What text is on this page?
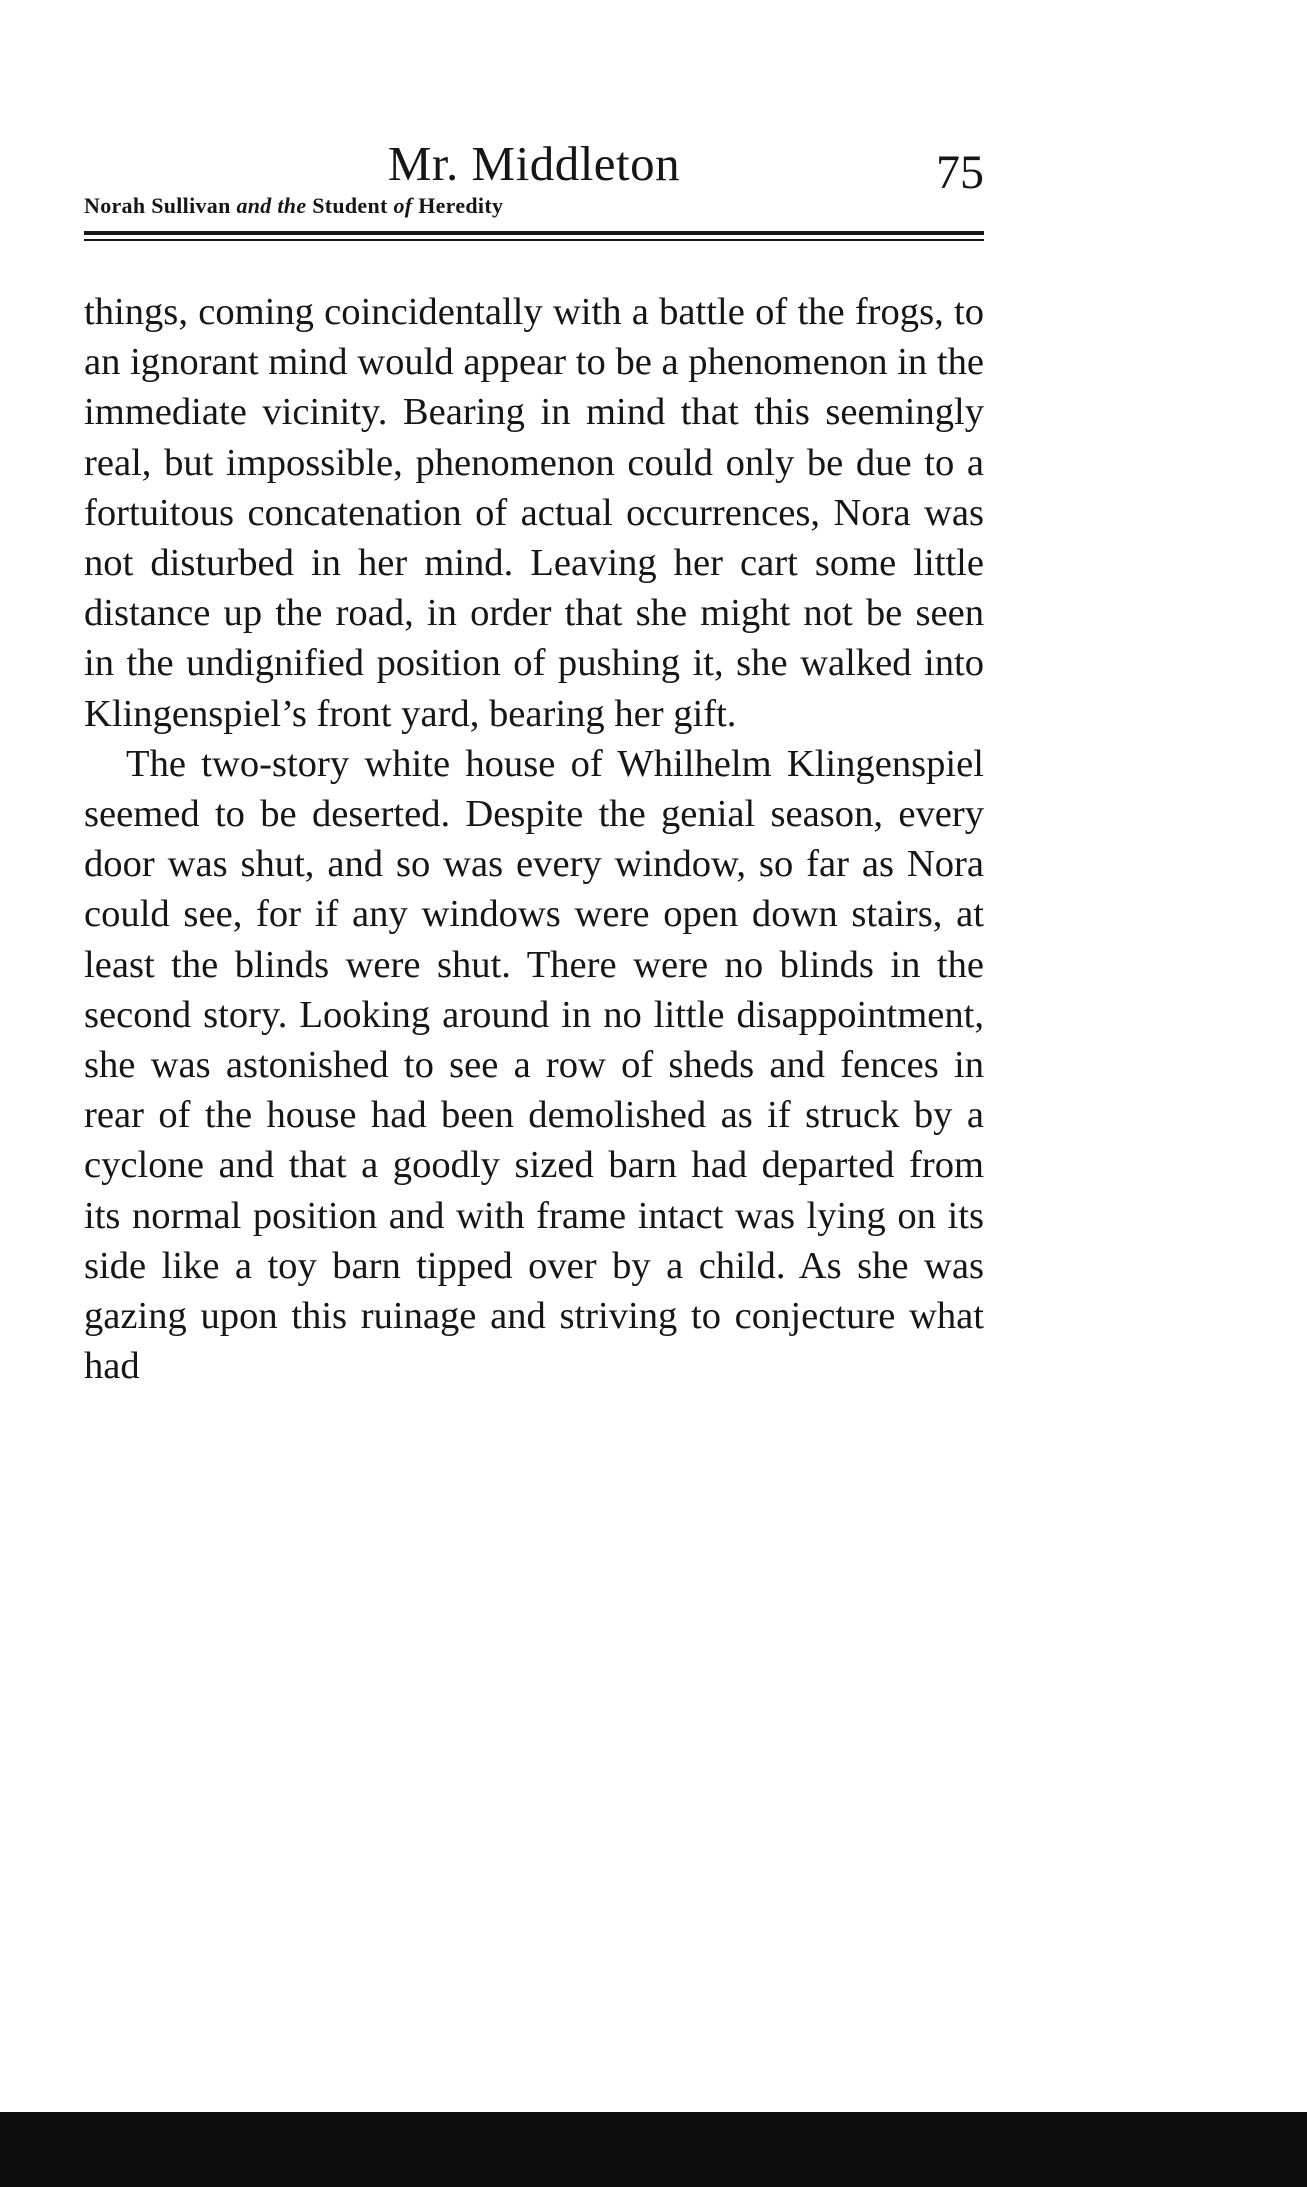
Mr. Middleton	75
Norah Sullivan and the Student of Heredity

things, coming coincidentally with a battle of the frogs, to an ignorant mind would appear to be a phenomenon in the immediate vicinity. Bearing in mind that this seemingly real, but impossible, phenomenon could only be due to a fortuitous concatenation of actual occurrences, Nora was not disturbed in her mind. Leaving her cart some little distance up the road, in order that she might not be seen in the undignified position of pushing it, she walked into Klingenspiel’s front yard, bearing her gift.

The two-story white house of Whilhelm Klingenspiel seemed to be deserted. Despite the genial season, every door was shut, and so was every window, so far as Nora could see, for if any windows were open down stairs, at least the blinds were shut. There were no blinds in the second story. Looking around in no little disappointment, she was astonished to see a row of sheds and fences in rear of the house had been demolished as if struck by a cyclone and that a goodly sized barn had departed from its normal position and with frame intact was lying on its side like a toy barn tipped over by a child. As she was gazing upon this ruinage and striving to conjecture what had
